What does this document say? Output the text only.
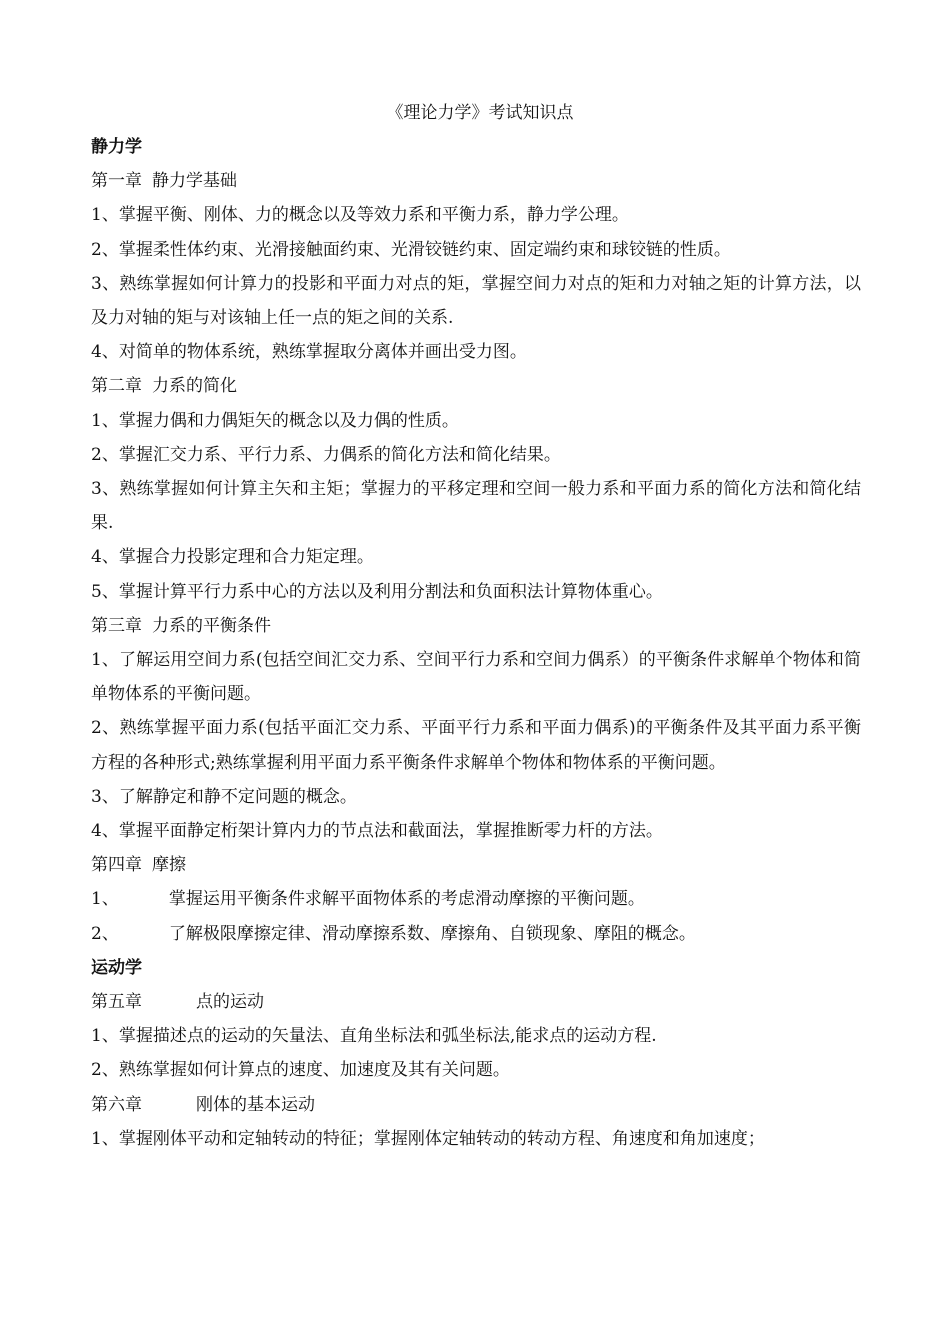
《理论力学》考试知识点
静力学
第一章 静力学基础
1、掌握平衡、刚体、力的概念以及等效力系和平衡力系，静力学公理。
2、掌握柔性体约束、光滑接触面约束、光滑铰链约束、固定端约束和球铰链的性质。
3、熟练掌握如何计算力的投影和平面力对点的矩，掌握空间力对点的矩和力对轴之矩的计算方法，以及力对轴的矩与对该轴上任一点的矩之间的关系.
4、对简单的物体系统，熟练掌握取分离体并画出受力图。
第二章 力系的简化
1、掌握力偶和力偶矩矢的概念以及力偶的性质。
2、掌握汇交力系、平行力系、力偶系的简化方法和简化结果。
3、熟练掌握如何计算主矢和主矩；掌握力的平移定理和空间一般力系和平面力系的简化方法和简化结果.
4、掌握合力投影定理和合力矩定理。
5、掌握计算平行力系中心的方法以及利用分割法和负面积法计算物体重心。
第三章 力系的平衡条件
1、了解运用空间力系(包括空间汇交力系、空间平行力系和空间力偶系）的平衡条件求解单个物体和简单物体系的平衡问题。
2、熟练掌握平面力系(包括平面汇交力系、平面平行力系和平面力偶系)的平衡条件及其平面力系平衡方程的各种形式;熟练掌握利用平面力系平衡条件求解单个物体和物体系的平衡问题。
3、了解静定和静不定问题的概念。
4、掌握平面静定桁架计算内力的节点法和截面法，掌握推断零力杆的方法。
第四章 摩擦
1、	掌握运用平衡条件求解平面物体系的考虑滑动摩擦的平衡问题。
2、	了解极限摩擦定律、滑动摩擦系数、摩擦角、自锁现象、摩阻的概念。
运动学
第五章	点的运动
1、掌握描述点的运动的矢量法、直角坐标法和弧坐标法,能求点的运动方程.
2、熟练掌握如何计算点的速度、加速度及其有关问题。
第六章	刚体的基本运动
1、掌握刚体平动和定轴转动的特征；掌握刚体定轴转动的转动方程、角速度和角加速度；
